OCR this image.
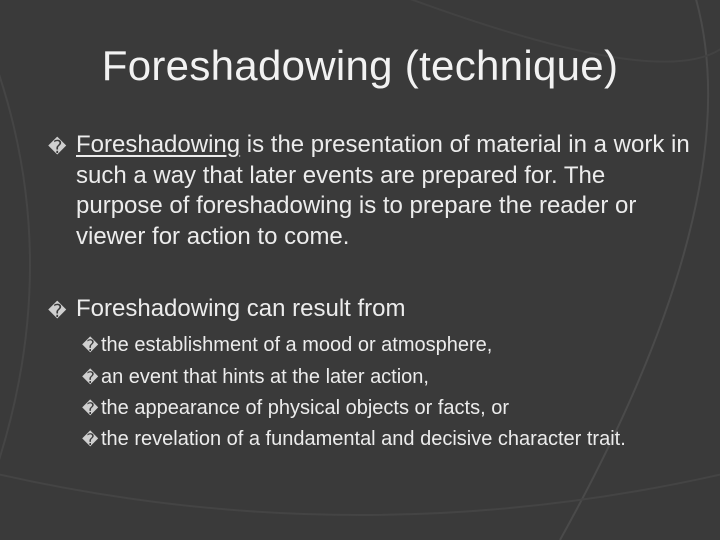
Foreshadowing (technique)
� Foreshadowing is the presentation of material in a work in such a way that later events are prepared for. The purpose of foreshadowing is to prepare the reader or viewer for action to come.

� Foreshadowing can result from

� the establishment of a mood or atmosphere,
� an event that hints at the later action,
� the appearance of physical objects or facts, or
� the revelation of a fundamental and decisive character trait.
